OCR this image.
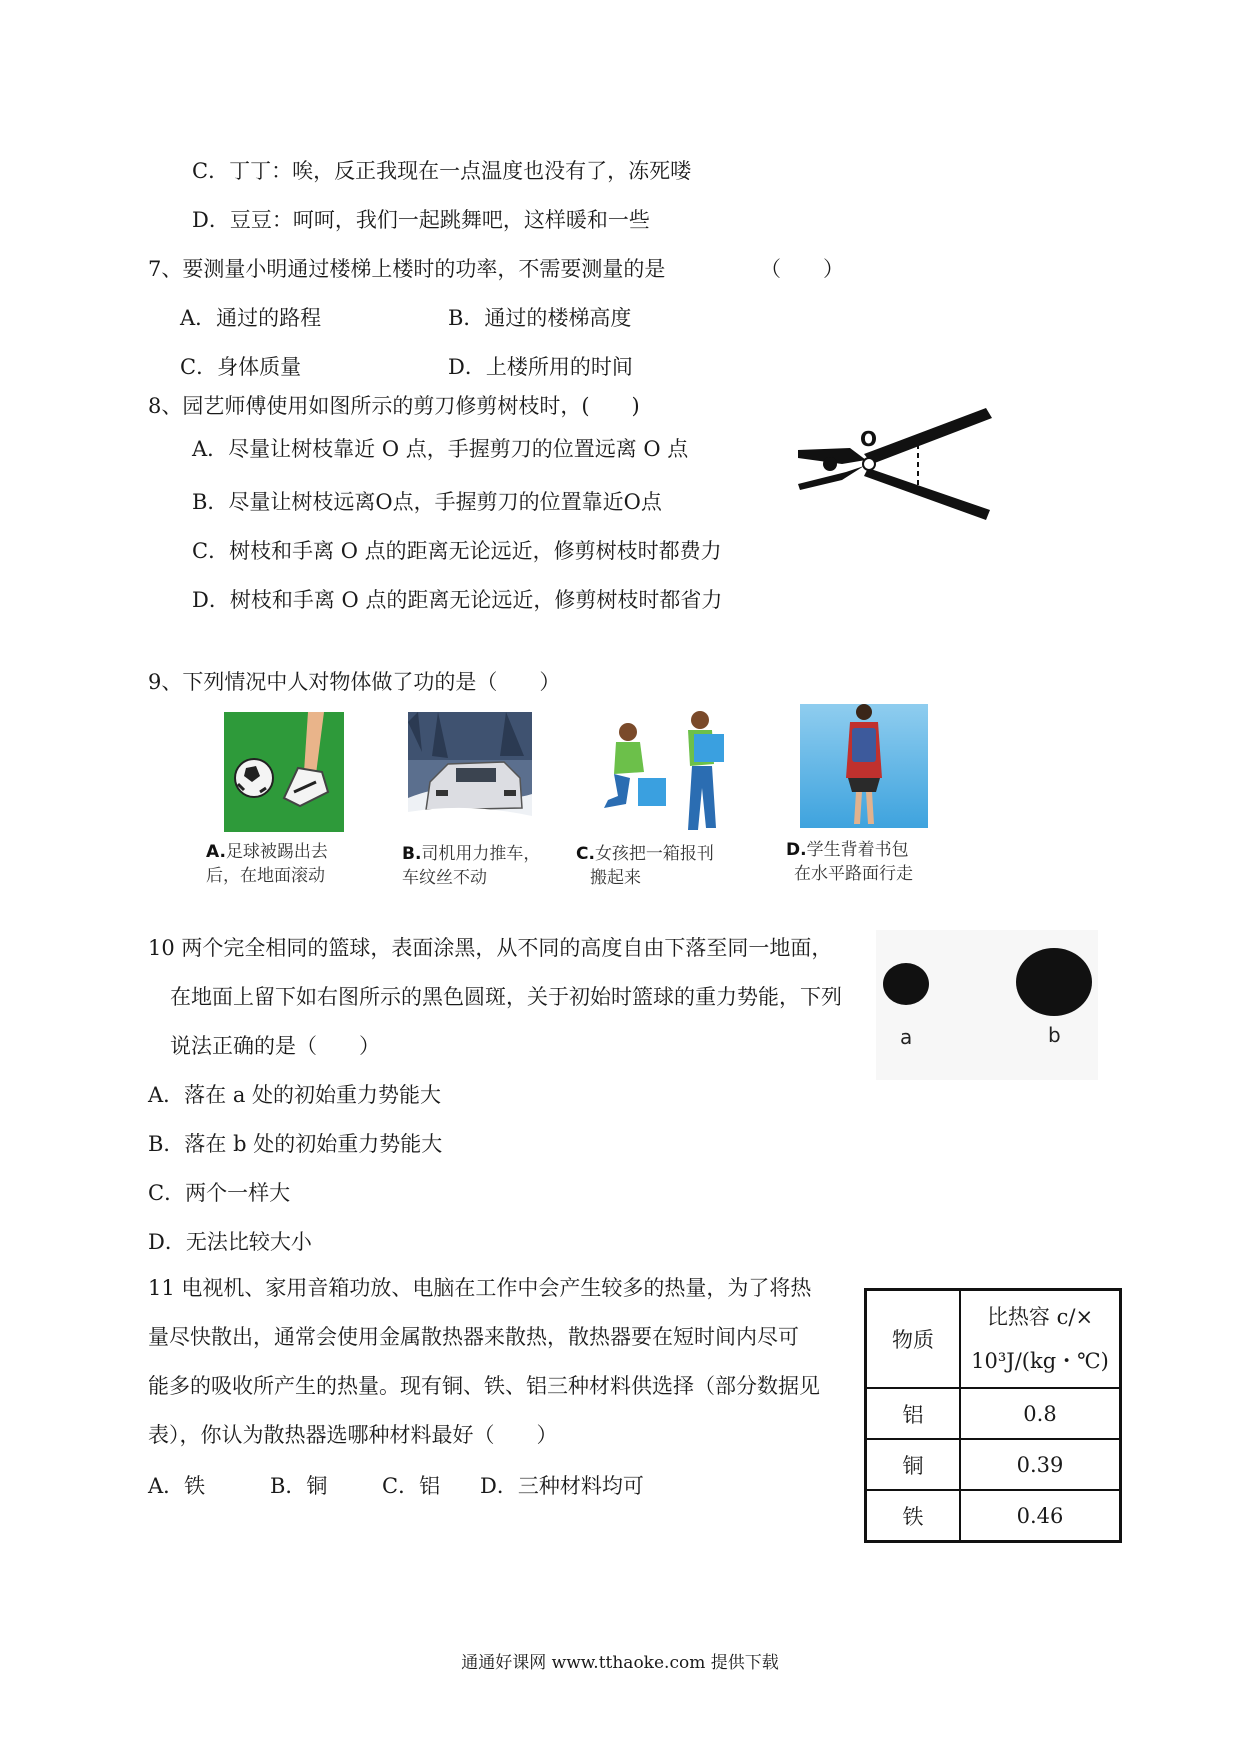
C．丁丁：唉，反正我现在一点温度也没有了，冻死喽
D．豆豆：呵呵，我们一起跳舞吧，这样暖和一些
7、要测量小明通过楼梯上楼时的功率，不需要测量的是	（　　）
A．通过的路程	B．通过的楼梯高度
C．身体质量	D．上楼所用的时间
8、园艺师傅使用如图所示的剪刀修剪树枝时，(　　)
A．尽量让树枝靠近 O 点，手握剪刀的位置远离 O 点
B．尽量让树枝远离O点，手握剪刀的位置靠近O点
C．树枝和手离 O 点的距离无论远近，修剪树枝时都费力
D．树枝和手离 O 点的距离无论远近，修剪树枝时都省力
O
9、下列情况中人对物体做了功的是（　　）
A.足球被踢出去
后，在地面滚动
B.司机用力推车，
车纹丝不动
C.女孩把一箱报刊
搬起来
D.学生背着书包
在水平路面行走
10 两个完全相同的篮球，表面涂黑，从不同的高度自由下落至同一地面，
在地面上留下如右图所示的黑色圆斑，关于初始时篮球的重力势能，下列
说法正确的是（　　）
A．落在 a 处的初始重力势能大
B．落在 b 处的初始重力势能大
C．两个一样大
D．无法比较大小
a	b
11 电视机、家用音箱功放、电脑在工作中会产生较多的热量，为了将热
量尽快散出，通常会使用金属散热器来散热，散热器要在短时间内尽可
能多的吸收所产生的热量。现有铜、铁、铝三种材料供选择（部分数据见
表），你认为散热器选哪种材料最好（　　）
A．铁	B．铜	C．铝 D．三种材料均可
物质	比热容 c/×
10³J/(kg・℃)

铝	0.8
铜	0.39
铁	0.46
通通好课网 www.tthaoke.com 提供下载
